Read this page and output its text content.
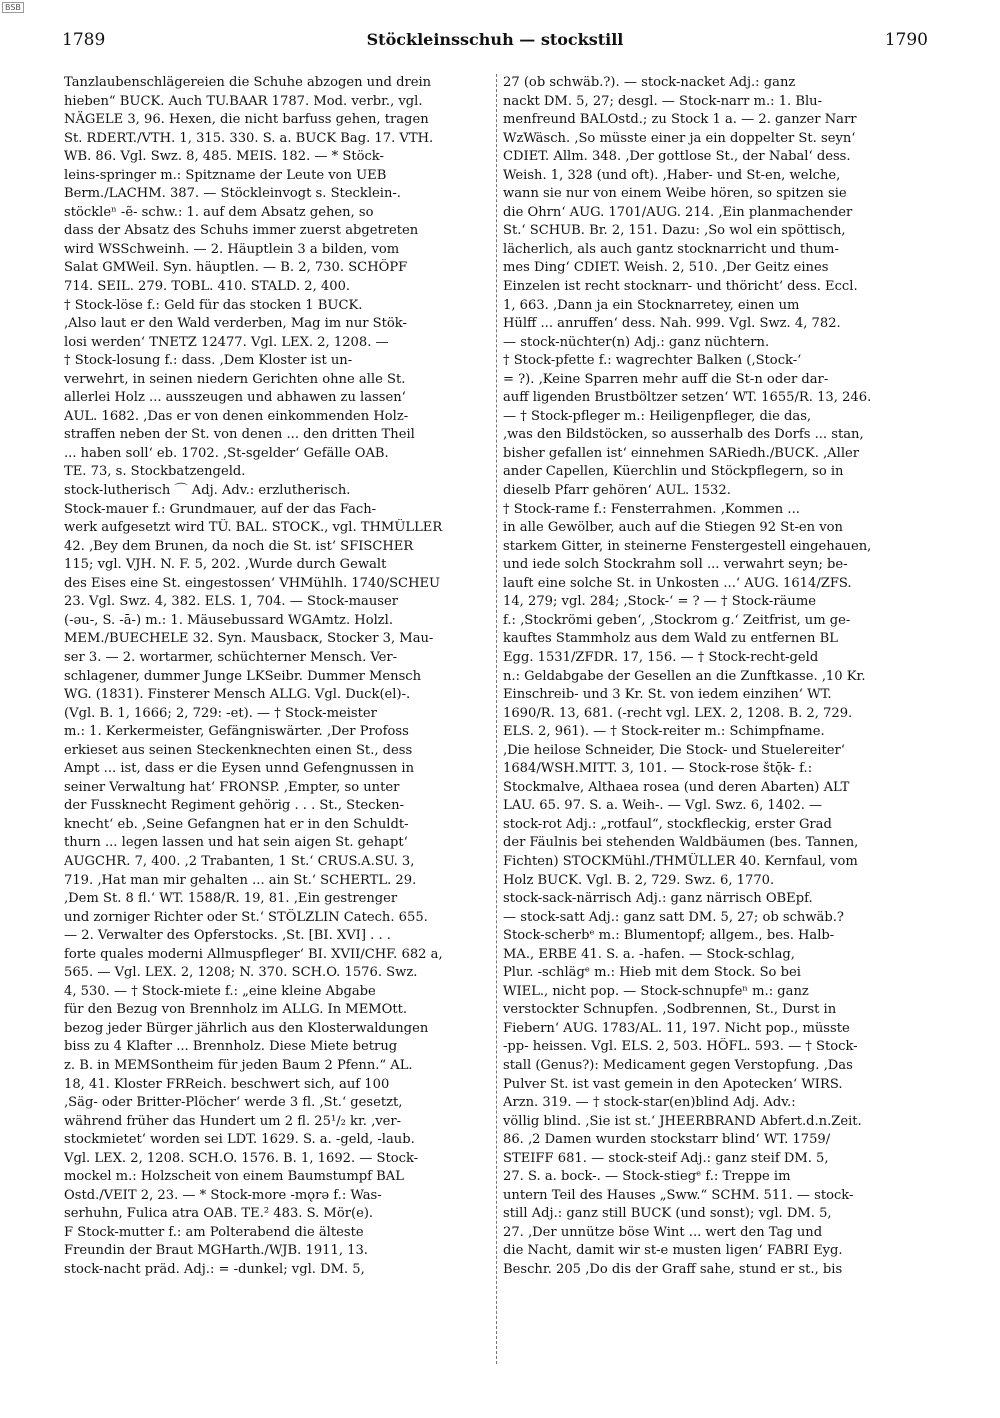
BSB
1789	Stöckleinsschuh — stockstill	1790
Tanzlaubenschlägereien die Schuhe abzogen und drein
hieben“ BUCK. Auch TU.BAAR 1787. Mod. verbr., vgl.
NÄGELE 3, 96. Hexen, die nicht barfuss gehen, tragen
St. RDERT./VTH. 1, 315. 330. S. a. BUCK Bag. 17. VTH.
WB. 86. Vgl. Swz. 8, 485. MEIS. 182. — * Stöck-
leins-springer m.: Spitzname der Leute von UEB
Berm./LACHM. 387. — Stöckleinvogt s. Stecklein-.
stöckleⁿ -ẽ- schw.: 1. auf dem Absatz gehen, so
dass der Absatz des Schuhs immer zuerst abgetreten
wird WSSchweinh. — 2. Häuptlein 3 a bilden, vom
Salat GMWeil. Syn. häuptlen. — B. 2, 730. SCHÖPF
714. SEIL. 279. TOBL. 410. STALD. 2, 400.
† Stock-löse f.: Geld für das stocken 1 BUCK.
‚Also laut er den Wald verderben, Mag im nur Stök-
losi werden‘ TNETZ 12477. Vgl. LEX. 2, 1208. —
† Stock-losung f.: dass. ‚Dem Kloster ist un-
verwehrt, in seinen niedern Gerichten ohne alle St.
allerlei Holz ... ausszeugen und abhawen zu lassen‘
AUL. 1682. ‚Das er von denen einkommenden Holz-
straffen neben der St. von denen ... den dritten Theil
... haben soll‘ eb. 1702. ‚St-sgelder‘ Gefälle OAB.
TE. 73, s. Stockbatzengeld.
stock-lutherisch ⌒ Adj. Adv.: erzlutherisch.
Stock-mauer f.: Grundmauer, auf der das Fach-
werk aufgesetzt wird TÜ. BAL. STOCK., vgl. THMÜLLER
42. ‚Bey dem Brunen, da noch die St. ist‘ SFISCHER
115; vgl. VJH. N. F. 5, 202. ‚Wurde durch Gewalt
des Eises eine St. eingestossen‘ VHMühlh. 1740/SCHEU
23. Vgl. Swz. 4, 382. ELS. 1, 704. — Stock-mauser
(-əu-, S. -ā-) m.: 1. Mäusebussard WGAmtz. Holzl.
MEM./BUECHELE 32. Syn. Mausbacк, Stocker 3, Mau-
ser 3. — 2. wortarmer, schüchterner Mensch. Ver-
schlagener, dummer Junge LKSeibr. Dummer Mensch
WG. (1831). Finsterer Mensch ALLG. Vgl. Duck(el)-.
(Vgl. B. 1, 1666; 2, 729: -et). — † Stock-meister
m.: 1. Kerkermeister, Gefängniswärter. ‚Der Profoss
erkieset aus seinen Steckenknechten einen St., dess
Ampt ... ist, dass er die Eysen unnd Gefengnussen in
seiner Verwaltung hat‘ FRONSP. ‚Empter, so unter
der Fussknecht Regiment gehörig . . . St., Stecken-
knecht‘ eb. ‚Seine Gefangnen hat er in den Schuldt-
thurn ... legen lassen und hat sein aigen St. gehapt‘
AUGCHR. 7, 400. ‚2 Trabanten, 1 St.‘ CRUS.A.SU. 3,
719. ‚Hat man mir gehalten ... ain St.‘ SCHERTL. 29.
‚Dem St. 8 fl.‘ WT. 1588/R. 19, 81. ‚Ein gestrenger
und zorniger Richter oder St.‘ STÖLZLIN Catech. 655.
— 2. Verwalter des Opferstocks. ‚St. [BI. XVI] . . .
forte quales moderni Allmuspfleger‘ BI. XVII/CHF. 682 a,
565. — Vgl. LEX. 2, 1208; N. 370. SCH.O. 1576. Swz.
4, 530. — † Stock-miete f.: „eine kleine Abgabe
für den Bezug von Brennholz im ALLG. In MEMOtt.
bezog jeder Bürger jährlich aus den Klosterwaldungen
biss zu 4 Klafter ... Brennholz. Diese Miete betrug
z. B. in MEMSontheim für jeden Baum 2 Pfenn.“ AL.
18, 41. Kloster FRReich. beschwert sich, auf 100
‚Säg- oder Britter-Plöcher‘ werde 3 fl. ‚St.‘ gesetzt,
während früher das Hundert um 2 fl. 25¹/₂ kr. ‚ver-
stockmietet‘ worden sei LDT. 1629. S. a. -geld, -laub.
Vgl. LEX. 2, 1208. SCH.O. 1576. B. 1, 1692. — Stock-
mockel m.: Holzscheit von einem Baumstumpf BAL
Ostd./VEIT 2, 23. — * Stock-more -mǫrə f.: Was-
serhuhn, Fulica atra OAB. TE.² 483. S. Mör(e).
F Stock-mutter f.: am Polterabend die älteste
Freundin der Braut MGHarth./WJB. 1911, 13.
stock-nacht präd. Adj.: = -dunkel; vgl. DM. 5,
27 (ob schwäb.?). — stock-nacket Adj.: ganz
nackt DM. 5, 27; desgl. — Stock-narr m.: 1. Blu-
menfreund BALOstd.; zu Stock 1 a. — 2. ganzer Narr
WzWäsch. ‚So müsste einer ja ein doppelter St. seyn‘
CDIET. Allm. 348. ‚Der gottlose St., der Nabal‘ dess.
Weish. 1, 328 (und oft). ‚Haber- und St-en, welche,
wann sie nur von einem Weibe hören, so spitzen sie
die Ohrn‘ AUG. 1701/AUG. 214. ‚Ein planmachender
St.‘ SCHUB. Br. 2, 151. Dazu: ‚So wol ein spöttisch,
lächerlich, als auch gantz stocknarricht und thum-
mes Ding‘ CDIET. Weish. 2, 510. ‚Der Geitz eines
Einzelen ist recht stocknarr- und thöricht‘ dess. Eccl.
1, 663. ‚Dann ja ein Stocknarretey, einen um
Hülff ... anruffen‘ dess. Nah. 999. Vgl. Swz. 4, 782.
— stock-nüchter(n) Adj.: ganz nüchtern.
† Stock-pfette f.: wagrechter Balken (‚Stock-‘
= ?). ‚Keine Sparren mehr auff die St-n oder dar-
auff ligenden Brustböltzer setzen‘ WT. 1655/R. 13, 246.
— † Stock-pfleger m.: Heiligenpfleger, die das,
‚was den Bildstöcken, so ausserhalb des Dorfs ... stan,
bisher gefallen ist‘ einnehmen SARiedh./BUCK. ‚Aller
ander Capellen, Küerchlin und Stöckpflegern, so in
dieselb Pfarr gehören‘ AUL. 1532.
† Stock-rame f.: Fensterrahmen. ‚Kommen ...
in alle Gewölber, auch auf die Stiegen 92 St-en von
starkem Gitter, in steinerne Fenstergestell eingehauen,
und iede solch Stockrahm soll ... verwahrt seyn; be-
lauft eine solche St. in Unkosten ...‘ AUG. 1614/ZFS.
14, 279; vgl. 284; ‚Stock-‘ = ? — † Stock-räume
f.: ‚Stockrömi geben‘, ‚Stockrom g.‘ Zeitfrist, um ge-
kauftes Stammholz aus dem Wald zu entfernen BL
Egg. 1531/ZFDR. 17, 156. — † Stock-recht-geld
n.: Geldabgabe der Gesellen an die Zunftkasse. ‚10 Kr.
Einschreib- und 3 Kr. St. von iedem einzihen‘ WT.
1690/R. 13, 681. (-recht vgl. LEX. 2, 1208. B. 2, 729.
ELS. 2, 961). — † Stock-reiter m.: Schimpfname.
‚Die heilose Schneider, Die Stock- und Stuelereiter‘
1684/WSH.MITT. 3, 101. — Stock-rose štǭk- f.:
Stockmalve, Althaea rosea (und deren Abarten) ALT
LAU. 65. 97. S. a. Weih-. — Vgl. Swz. 6, 1402. —
stock-rot Adj.: „rotfaul“, stockfleckig, erster Grad
der Fäulnis bei stehenden Waldbäumen (bes. Tannen,
Fichten) STOCKMühl./THMÜLLER 40. Kernfaul, vom
Holz BUCK. Vgl. B. 2, 729. Swz. 6, 1770.
stock-sack-närrisch Adj.: ganz närrisch OBEpf.
— stock-satt Adj.: ganz satt DM. 5, 27; ob schwäb.?
Stock-scherbᵉ m.: Blumentopf; allgem., bes. Halb-
MA., ERBE 41. S. a. -hafen. — Stock-schlag,
Plur. -schlägᵉ m.: Hieb mit dem Stock. So bei
WIEL., nicht pop. — Stock-schnupfeⁿ m.: ganz
verstockter Schnupfen. ‚Sodbrennen, St., Durst in
Fiebern‘ AUG. 1783/AL. 11, 197. Nicht pop., müsste
-pp- heissen. Vgl. ELS. 2, 503. HÖFL. 593. — † Stock-
stall (Genus?): Medicament gegen Verstopfung. ‚Das
Pulver St. ist vast gemein in den Apotecken‘ WIRS.
Arzn. 319. — † stock-star(en)blind Adj. Adv.:
völlig blind. ‚Sie ist st.‘ JHEERBRAND Abfert.d.n.Zeit.
86. ‚2 Damen wurden stockstarr blind‘ WT. 1759/
STEIFF 681. — stock-steif Adj.: ganz steif DM. 5,
27. S. a. bock-. — Stock-stiegᵉ f.: Treppe im
untern Teil des Hauses „Sww.“ SCHM. 511. — stock-
still Adj.: ganz still BUCK (und sonst); vgl. DM. 5,
27. ‚Der unnütze böse Wint ... wert den Tag und
die Nacht, damit wir st-e musten ligen‘ FABRI Eyg.
Beschr. 205 ‚Do dis der Graff sahe, stund er st., bis
